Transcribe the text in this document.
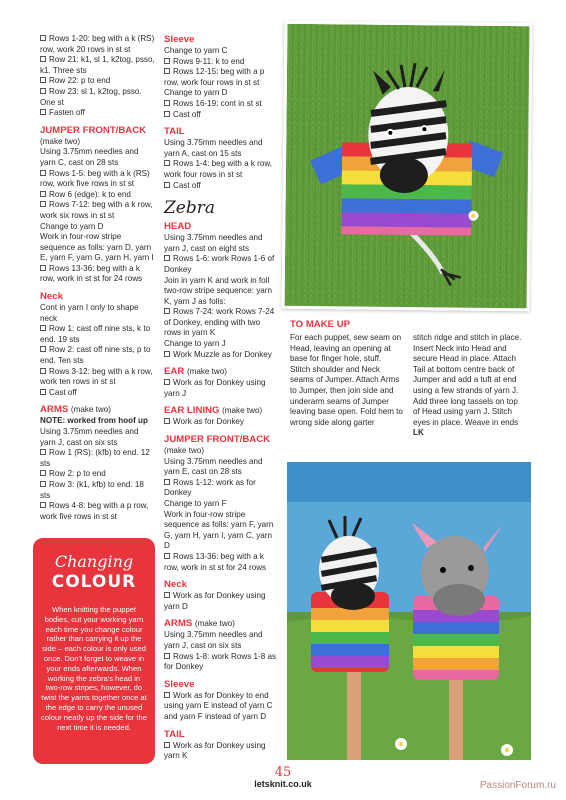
Rows 1-20: beg with a k (RS) row, work 20 rows in st st
Row 21: k1, sl 1, k2tog, psso, k1. Three sts
Row 22: p to end
Row 23: sl 1, k2tog, psso. One st
Fasten off
JUMPER FRONT/BACK
(make two)
Using 3.75mm needles and yarn C, cast on 28 sts
Rows 1-5: beg with a k (RS) row, work five rows in st st
Row 6 (edge): k to end
Rows 7-12: beg with a k row, work six rows in st st
Change to yarn D
Work in four-row stripe sequence as folls: yarn D, yarn E, yarn F, yarn G, yarn H, yarn I
Rows 13-36: beg with a k row, work in st st for 24 rows
Neck
Cont in yarn I only to shape neck
Row 1: cast off nine sts, k to end. 19 sts
Row 2: cast off nine sts, p to end. Ten sts
Rows 3-12: beg with a k row, work ten rows in st st
Cast off
ARMS (make two)
NOTE: worked from hoof up
Using 3.75mm needles and yarn J, cast on six sts
Row 1 (RS): (kfb) to end. 12 sts
Row 2: p to end
Row 3: (k1, kfb) to end. 18 sts
Rows 4-8: beg with a p row, work five rows in st st
Changing
COLOUR
When knitting the puppet bodies, cut your working yarn each time you change colour rather than carrying it up the side – each colour is only used once. Don't forget to weave in your ends afterwards. When working the zebra's head in two-row stripes, however, do twist the yarns together once at the edge to carry the unused colour neatly up the side for the next time it is needed.
Sleeve
Change to yarn C
Rows 9-11: k to end
Rows 12-15: beg with a p row, work four rows in st st
Change to yarn D
Rows 16-19: cont in st st
Cast off
TAIL
Using 3.75mm needles and yarn A, cast on 15 sts
Rows 1-4: beg with a k row, work four rows in st st
Cast off
Zebra
HEAD
Using 3.75mm needles and yarn J, cast on eight sts
Rows 1-6: work Rows 1-6 of Donkey
Join in yarn K and work in foll two-row stripe sequence: yarn K, yarn J as folls:
Rows 7-24: work Rows 7-24 of Donkey, ending with two rows in yarn K
Change to yarn J
Work Muzzle as for Donkey
EAR (make two)
Work as for Donkey using yarn J
EAR LINING (make two)
Work as for Donkey
JUMPER FRONT/BACK
(make two)
Using 3.75mm needles and yarn E, cast on 28 sts
Rows 1-12: work as for Donkey
Change to yarn F
Work in four-row stripe sequence as folls: yarn F, yarn G, yarn H, yarn I, yarn C, yarn D
Rows 13-36: beg with a k row, work in st st for 24 rows
Neck
Work as for Donkey using yarn D
ARMS (make two)
Using 3.75mm needles and yarn J, cast on six sts
Rows 1-8: work Rows 1-8 as for Donkey
Sleeve
Work as for Donkey to end using yarn E instead of yarn C and yarn F instead of yarn D
TAIL
Work as for Donkey using yarn K
TO MAKE UP
For each puppet, sew seam on Head, leaving an opening at base for finger hole, stuff. Stitch shoulder and Neck seams of Jumper. Attach Arms to Jumper, then join side and underarm seams of Jumper leaving base open. Fold hem to wrong side along garter
stitch ridge and stitch in place. Insert Neck into Head and secure Head in place. Attach Tail at bottom centre back of Jumper and add a tuft at end using a few strands of yarn J. Add three long tassels on top of Head using yarn J. Stitch eyes in place. Weave in ends LK
45
letsknit.co.uk	PassionForum.ru
